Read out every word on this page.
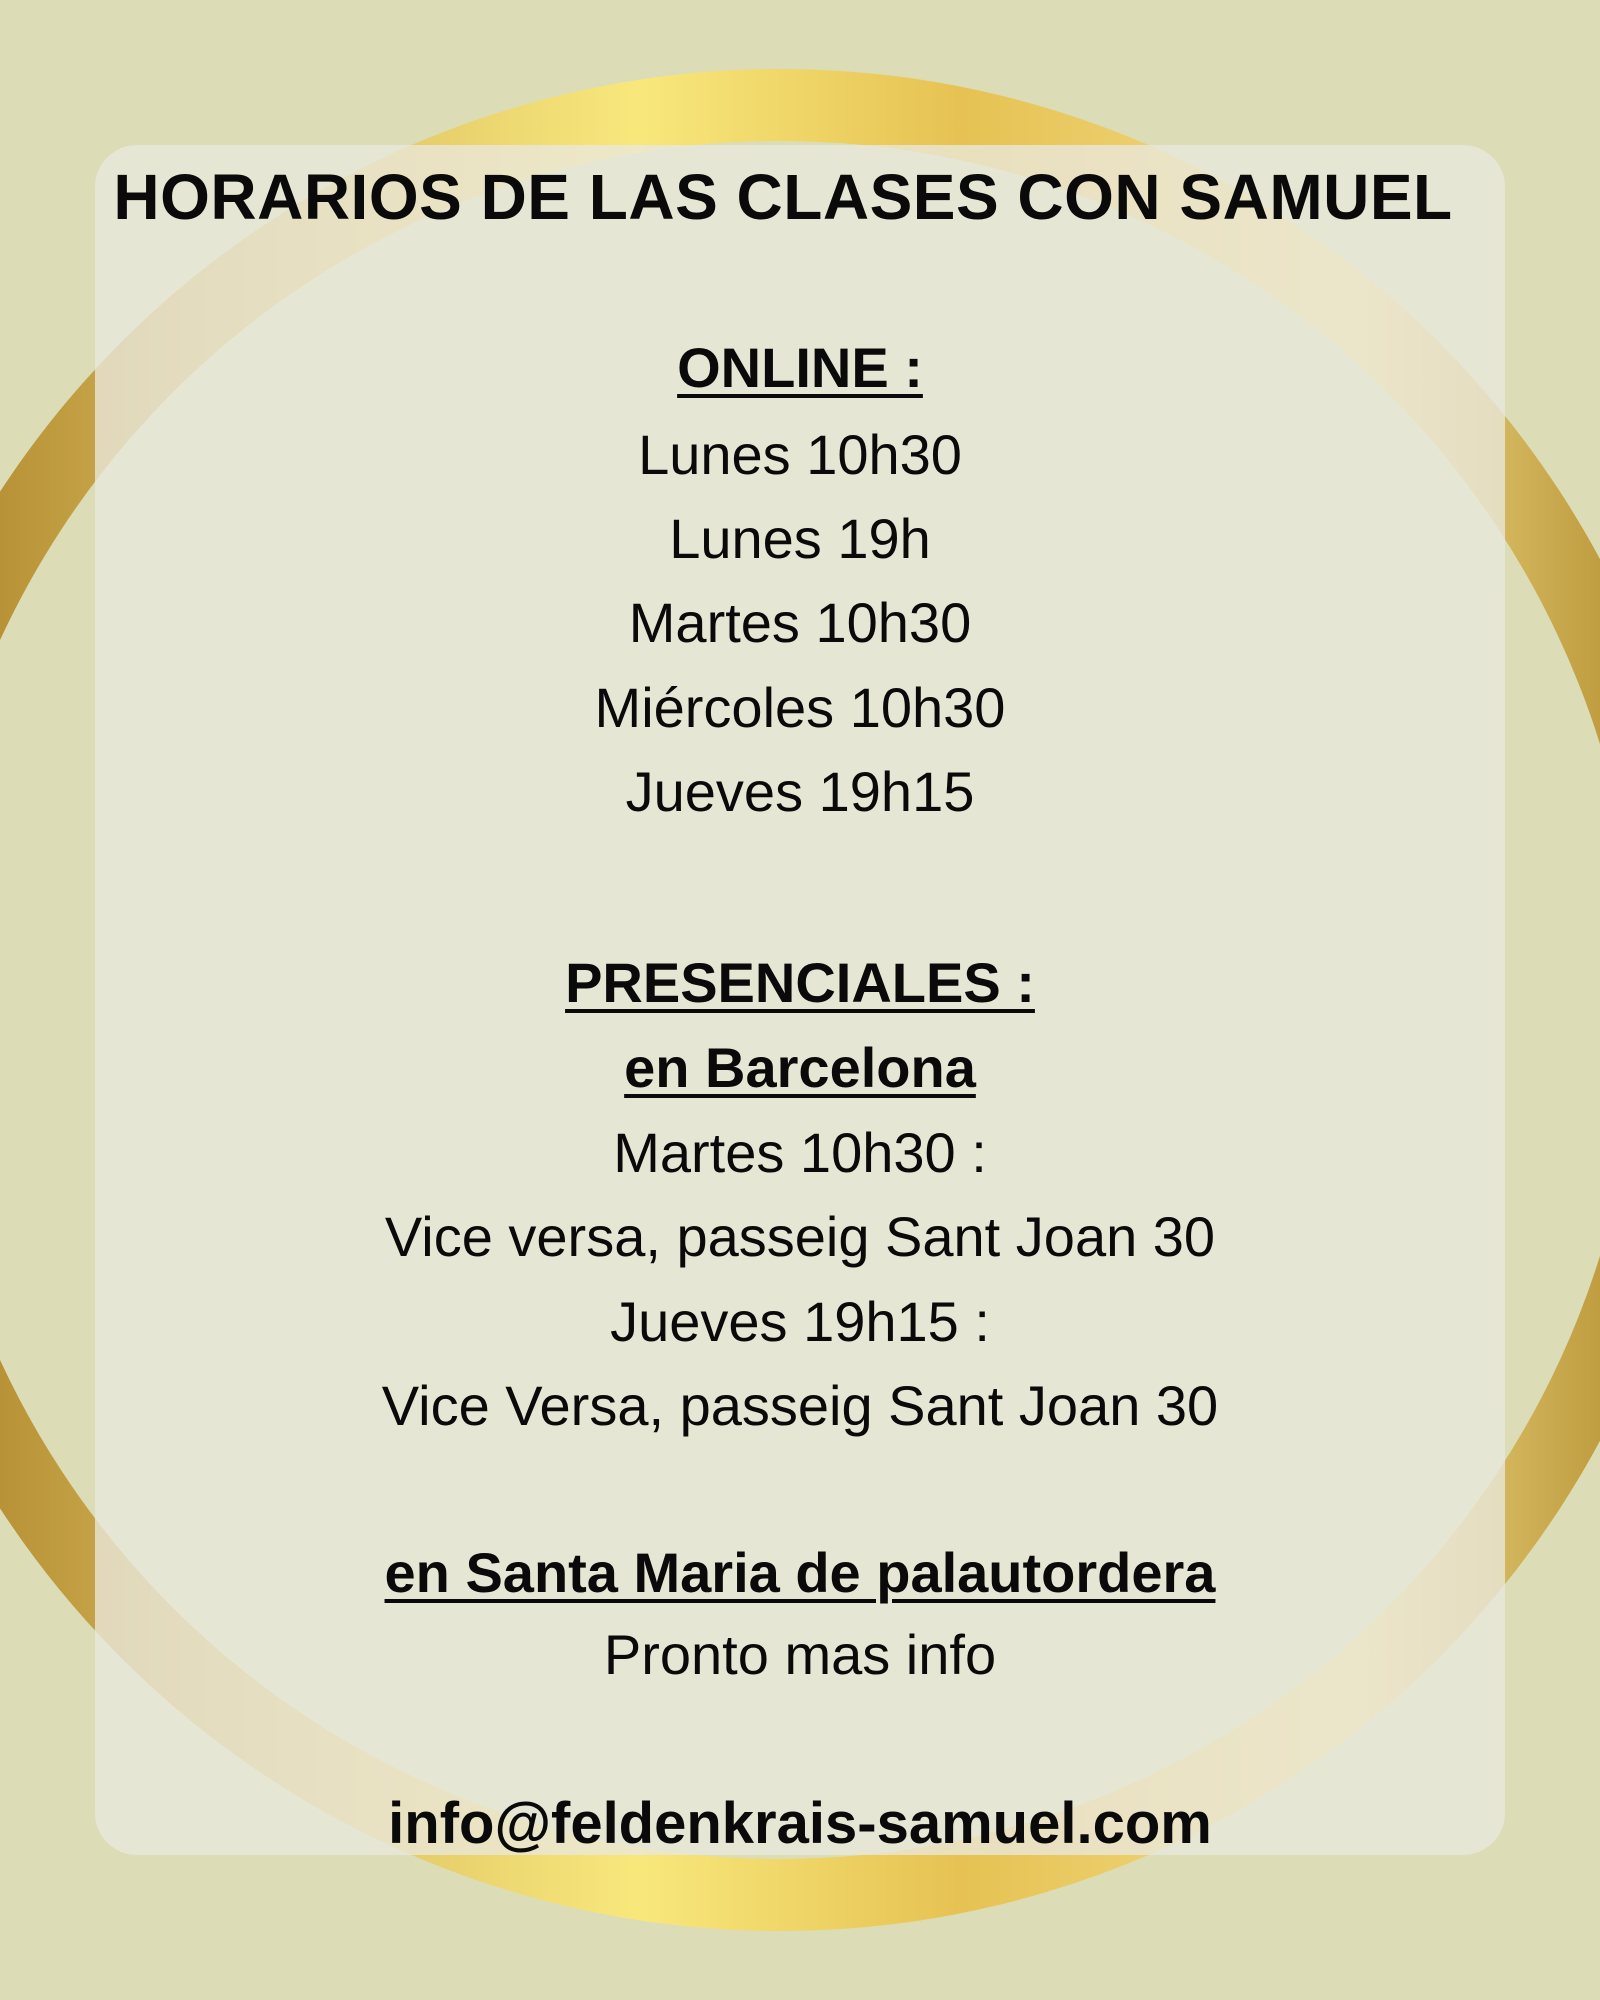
HORARIOS DE LAS CLASES CON SAMUEL
ONLINE :
Lunes 10h30
Lunes 19h
Martes 10h30
Miércoles 10h30
Jueves 19h15
PRESENCIALES :
en Barcelona
Martes 10h30 :
Vice versa, passeig Sant Joan 30
Jueves 19h15 :
Vice Versa, passeig Sant Joan 30
en Santa Maria de palautordera
Pronto mas info
info@feldenkrais-samuel.com
